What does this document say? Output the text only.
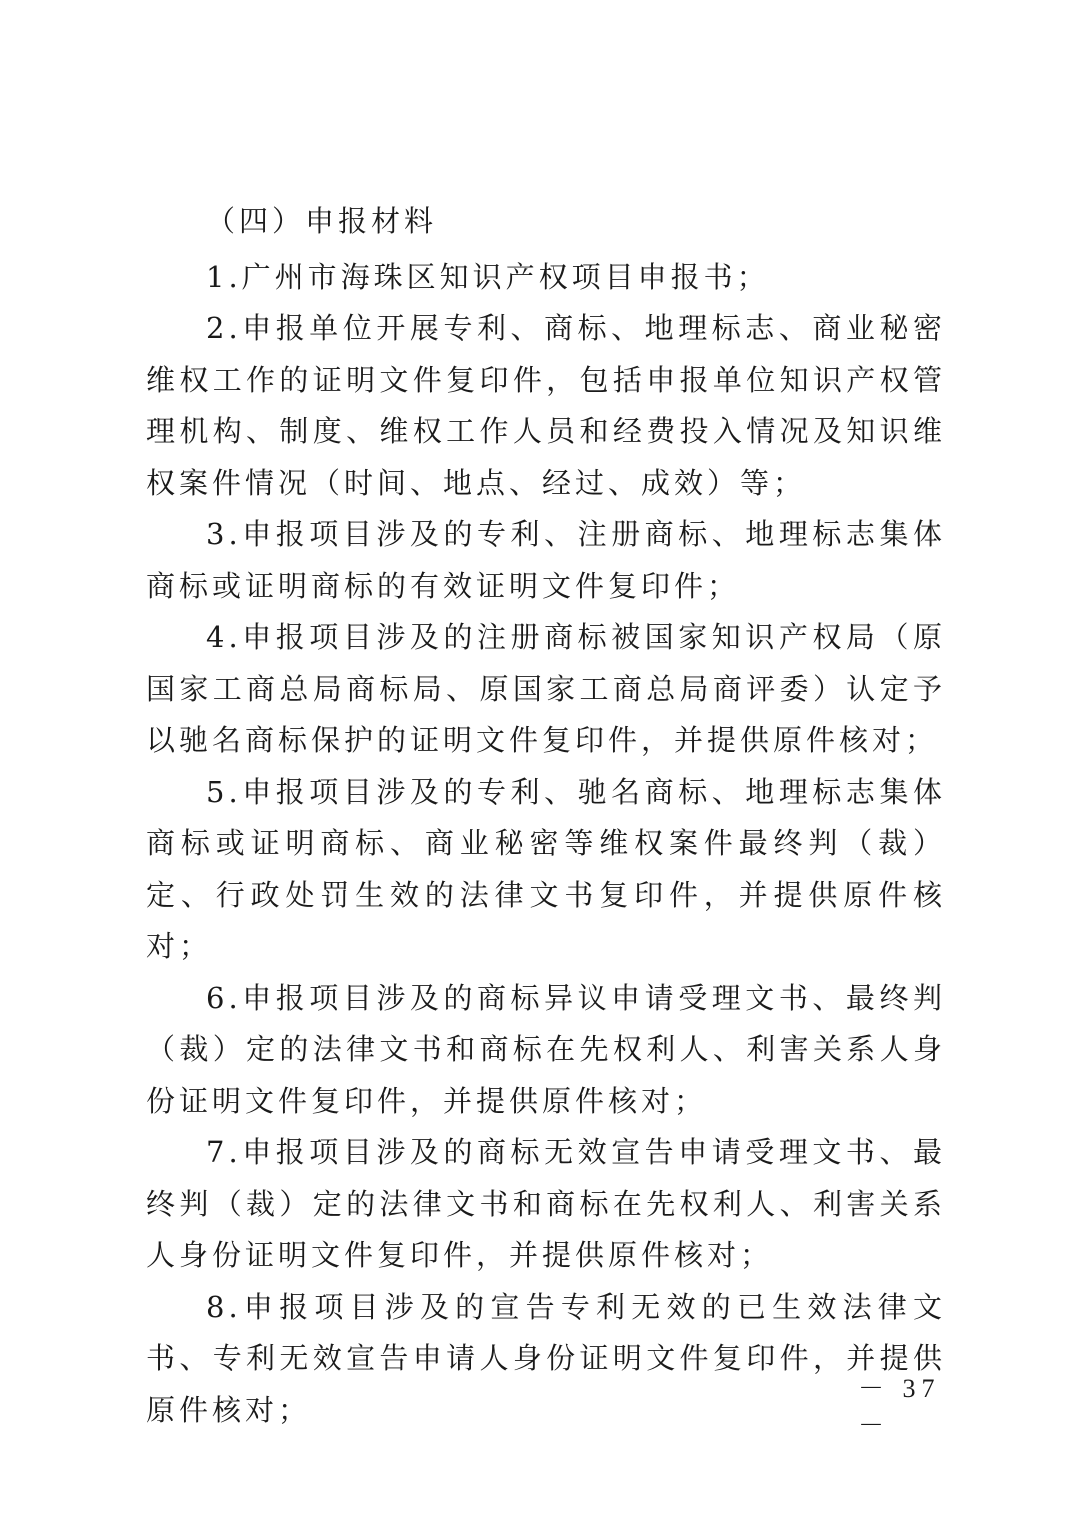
（四）申报材料

1.广州市海珠区知识产权项目申报书；

2.申报单位开展专利、商标、地理标志、商业秘密维权工作的证明文件复印件，包括申报单位知识产权管理机构、制度、维权工作人员和经费投入情况及知识维权案件情况（时间、地点、经过、成效）等；

3.申报项目涉及的专利、注册商标、地理标志集体商标或证明商标的有效证明文件复印件；

4.申报项目涉及的注册商标被国家知识产权局（原国家工商总局商标局、原国家工商总局商评委）认定予以驰名商标保护的证明文件复印件，并提供原件核对；

5.申报项目涉及的专利、驰名商标、地理标志集体商标或证明商标、商业秘密等维权案件最终判（裁）定、行政处罚生效的法律文书复印件，并提供原件核对；

6.申报项目涉及的商标异议申请受理文书、最终判（裁）定的法律文书和商标在先权利人、利害关系人身份证明文件复印件，并提供原件核对；

7.申报项目涉及的商标无效宣告申请受理文书、最终判（裁）定的法律文书和商标在先权利人、利害关系人身份证明文件复印件，并提供原件核对；

8.申报项目涉及的宣告专利无效的已生效法律文书、专利无效宣告申请人身份证明文件复印件，并提供原件核对；

－ 37 －
